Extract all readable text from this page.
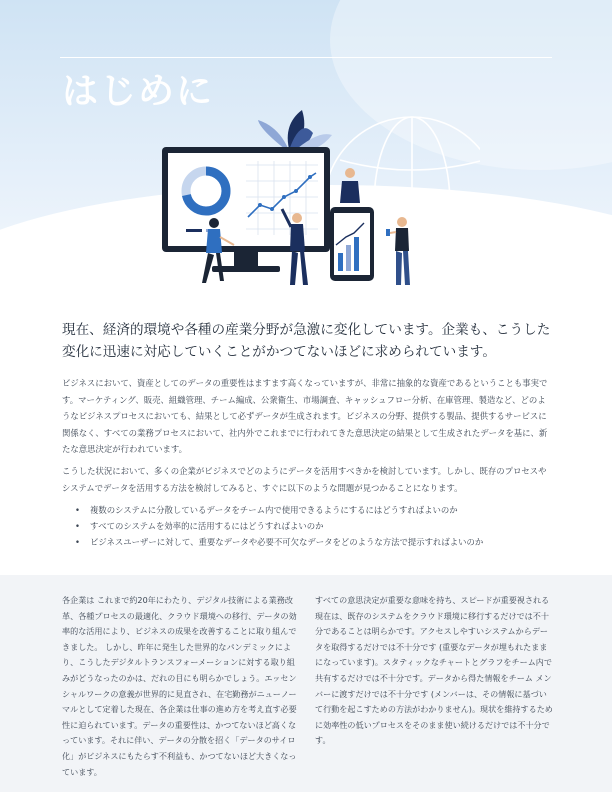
はじめに

現在、経済的環境や各種の産業分野が急激に変化しています。企業も、こうした変化に迅速に対応していくことがかつてないほどに求められています。

ビジネスにおいて、資産としてのデータの重要性はますます高くなっていますが、非常に抽象的な資産であるということも事実です。マーケティング、販売、組織管理、チーム編成、公衆衛生、市場調査、キャッシュフロー分析、在庫管理、製造など、どのようなビジネスプロセスにおいても、結果として必ずデータが生成されます。ビジネスの分野、提供する製品、提供するサービスに関係なく、すべての業務プロセスにおいて、社内外でこれまでに行われてきた意思決定の結果として生成されたデータを基に、新たな意思決定が行われています。

こうした状況において、多くの企業がビジネスでどのようにデータを活用すべきかを検討しています。しかし、既存のプロセスやシステムでデータを活用する方法を検討してみると、すぐに以下のような問題が見つかることになります。

• 複数のシステムに分散しているデータをチーム内で使用できるようにするにはどうすればよいのか
• すべてのシステムを効率的に活用するにはどうすればよいのか
• ビジネスユーザーに対して、重要なデータや必要不可欠なデータをどのような方法で提示すればよいのか

各企業は これまで約20年にわたり、デジタル技術による業務改革、各種プロセスの最適化、クラウド環境への移行、データの効率的な活用により、ビジネスの成果を改善することに取り組んできました。 しかし、昨年に発生した世界的なパンデミックにより、こうしたデジタルトランスフォーメーションに対する取り組みがどうなったのかは、だれの目にも明らかでしょう。エッセンシャルワークの意義が世界的に見直され、在宅勤務がニューノーマルとして定着した現在、各企業は仕事の進め方を考え直す必要性に迫られています。データの重要性は、かつてないほど高くなっています。それに伴い、データの分散を招く「データのサイロ化」がビジネスにもたらす不利益も、かつてないほど大きくなっています。

すべての意思決定が重要な意味を持ち、スピードが重要視される現在は、既存のシステムをクラウド環境に移行するだけでは不十分であることは明らかです。アクセスしやすいシステムからデータを取得するだけでは不十分です (重要なデータが埋もれたままになっています)。スタティックなチャートとグラフをチーム内で共有するだけでは不十分です。データから得た情報をチーム メンバーに渡すだけでは不十分です (メンバーは、その情報に基づいて行動を起こすための方法がわかりません)。現状を維持するために効率性の低いプロセスをそのまま使い続けるだけでは不十分です。
